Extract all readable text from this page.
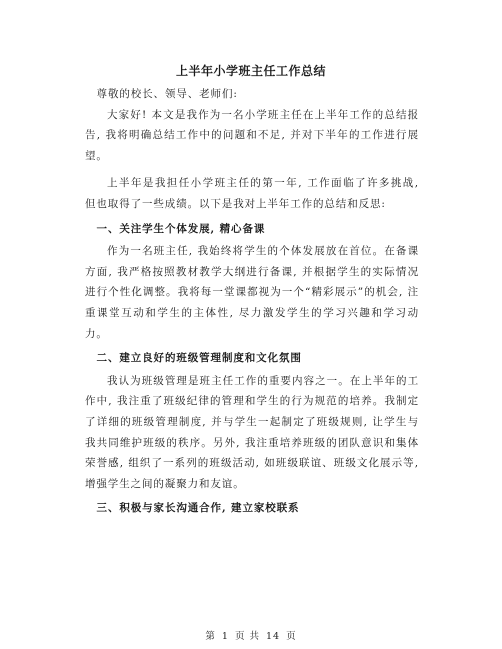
上半年小学班主任工作总结

尊敬的校长、领导、老师们:

大家好! 本文是我作为一名小学班主任在上半年工作的总结报告, 我将明确总结工作中的问题和不足, 并对下半年的工作进行展望。

上半年是我担任小学班主任的第一年, 工作面临了许多挑战, 但也取得了一些成绩。以下是我对上半年工作的总结和反思:

一、关注学生个体发展, 精心备课

作为一名班主任, 我始终将学生的个体发展放在首位。在备课方面, 我严格按照教材教学大纲进行备课, 并根据学生的实际情况进行个性化调整。我将每一堂课都视为一个“精彩展示”的机会, 注重课堂互动和学生的主体性, 尽力激发学生的学习兴趣和学习动力。

二、建立良好的班级管理制度和文化氛围

我认为班级管理是班主任工作的重要内容之一。在上半年的工作中, 我注重了班级纪律的管理和学生的行为规范的培养。我制定了详细的班级管理制度, 并与学生一起制定了班级规则, 让学生与我共同维护班级的秩序。另外, 我注重培养班级的团队意识和集体荣誉感, 组织了一系列的班级活动, 如班级联谊、班级文化展示等, 增强学生之间的凝聚力和友谊。

三、积极与家长沟通合作, 建立家校联系
第 1 页 共 14 页
